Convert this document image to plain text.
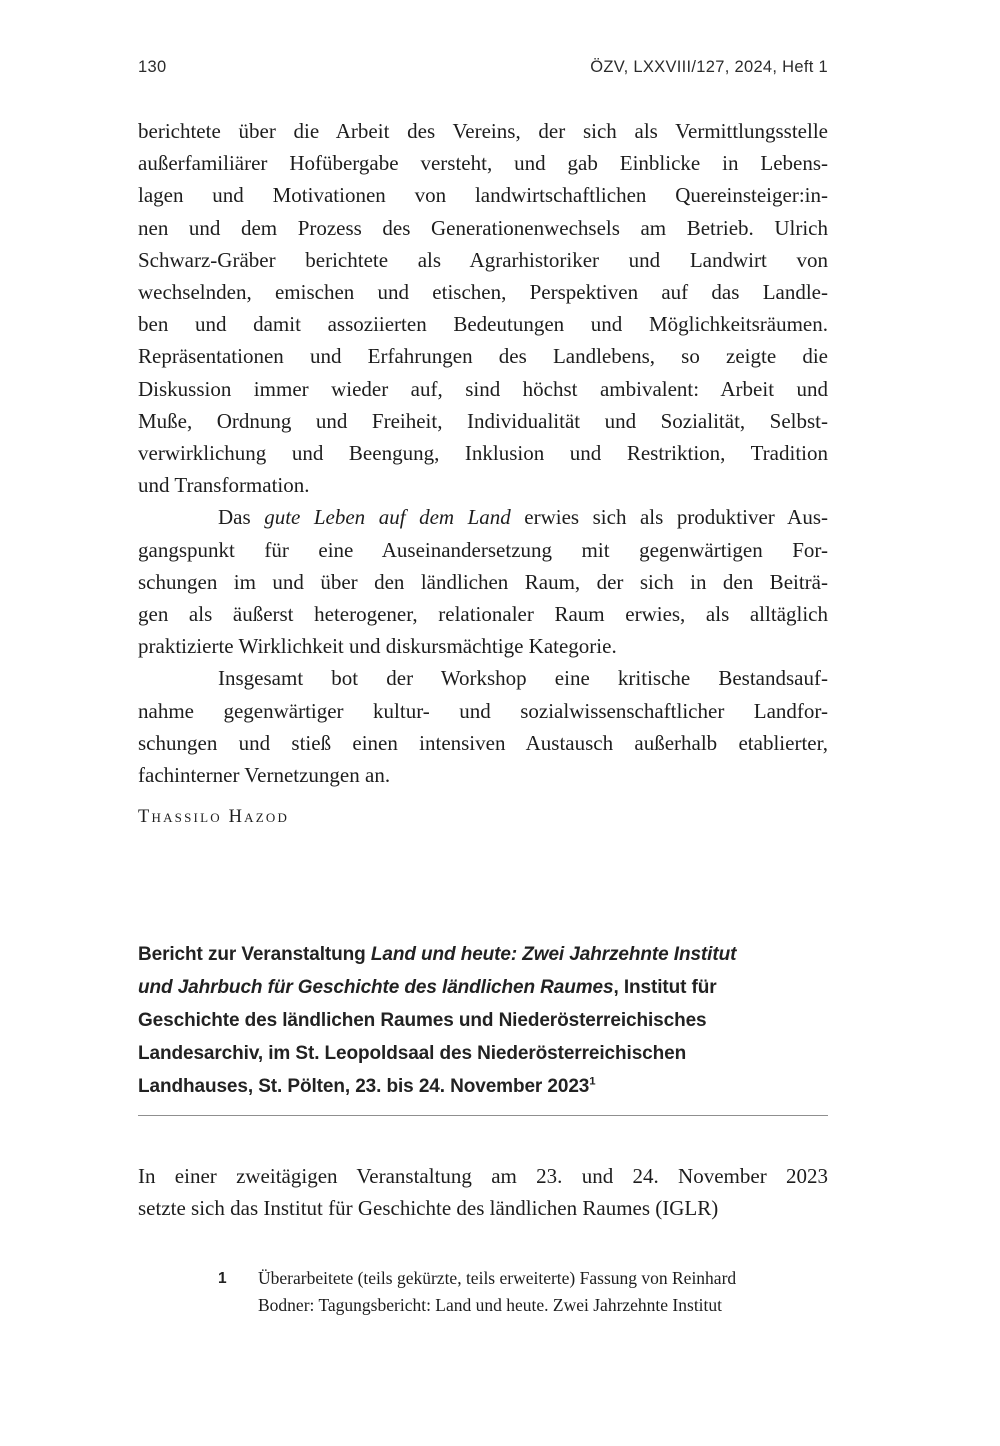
130	ÖZV, LXXVIII/127, 2024, Heft 1
berichtete über die Arbeit des Vereins, der sich als Vermittlungsstelle
außerfamiliärer Hofübergabe versteht, und gab Einblicke in Lebens-
lagen und Motivationen von landwirtschaftlichen Quereinsteiger:in-
nen und dem Prozess des Generationenwechsels am Betrieb. Ulrich
Schwarz-Gräber berichtete als Agrarhistoriker und Landwirt von
wechselnden, emischen und etischen, Perspektiven auf das Landle-
ben und damit assoziierten Bedeutungen und Möglichkeitsräumen.
Repräsentationen und Erfahrungen des Landlebens, so zeigte die
Diskussion immer wieder auf, sind höchst ambivalent: Arbeit und
Muße, Ordnung und Freiheit, Individualität und Sozialität, Selbst-
verwirklichung und Beengung, Inklusion und Restriktion, Tradition
und Transformation.
Das gute Leben auf dem Land erwies sich als produktiver Aus-
gangspunkt für eine Auseinandersetzung mit gegenwärtigen For-
schungen im und über den ländlichen Raum, der sich in den Beiträ-
gen als äußerst heterogener, relationaler Raum erwies, als alltäglich
praktizierte Wirklichkeit und diskursmächtige Kategorie.
Insgesamt bot der Workshop eine kritische Bestandsauf-
nahme gegenwärtiger kultur- und sozialwissenschaftlicher Landfor-
schungen und stieß einen intensiven Austausch außerhalb etablierter,
fachinterner Vernetzungen an.
Thassilo Hazod
Bericht zur Veranstaltung Land und heute: Zwei Jahrzehnte Institut
und Jahrbuch für Geschichte des ländlichen Raumes, Institut für
Geschichte des ländlichen Raumes und Niederösterreichisches
Landesarchiv, im St. Leopoldsaal des Niederösterreichischen
Landhauses, St. Pölten, 23. bis 24. November 2023$^1$
In einer zweitägigen Veranstaltung am 23. und 24. November 2023
setzte sich das Institut für Geschichte des ländlichen Raumes (IGLR)
1	Überarbeitete (teils gekürzte, teils erweiterte) Fassung von Reinhard
Bodner: Tagungsbericht: Land und heute. Zwei Jahrzehnte Institut
